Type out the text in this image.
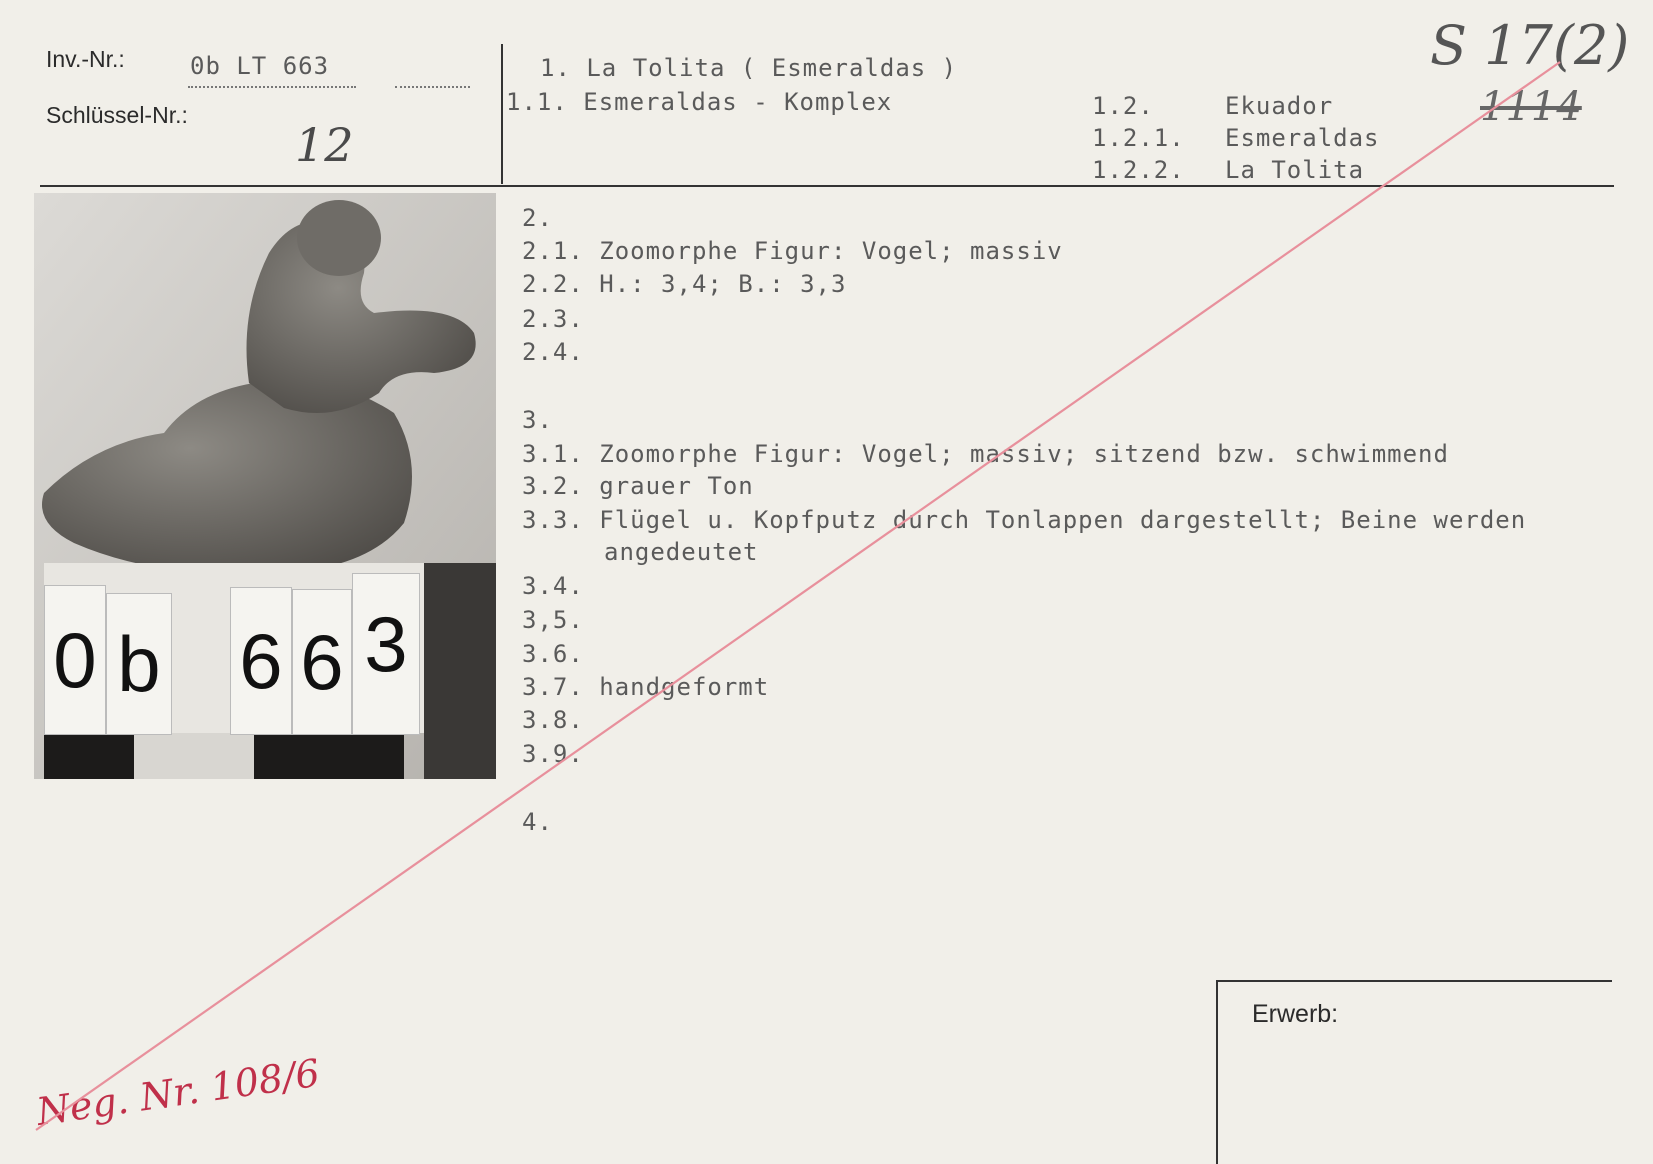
Inv.-Nr.:	0b LT 663
Schlüssel-Nr.:
12
S 17(2)
1114
1. La Tolita ( Esmeraldas )
1.1. Esmeraldas - Komplex	1.2.	Ekuador
1.2.1. Esmeraldas
1.2.2. La Tolita
0 b 6 6 3
2.
2.1. Zoomorphe Figur: Vogel; massiv
2.2. H.: 3,4; B.: 3,3
2.3.
2.4.
3.
3.1. Zoomorphe Figur: Vogel; massiv; sitzend bzw. schwimmend
3.2. grauer Ton
3.3. Flügel u. Kopfputz durch Tonlappen dargestellt; Beine werden
angedeutet
3.4.
3,5.
3.6.
3.7. handgeformt
3.8.
3.9.
4.
Erwerb:
Neg. Nr. 108/6
